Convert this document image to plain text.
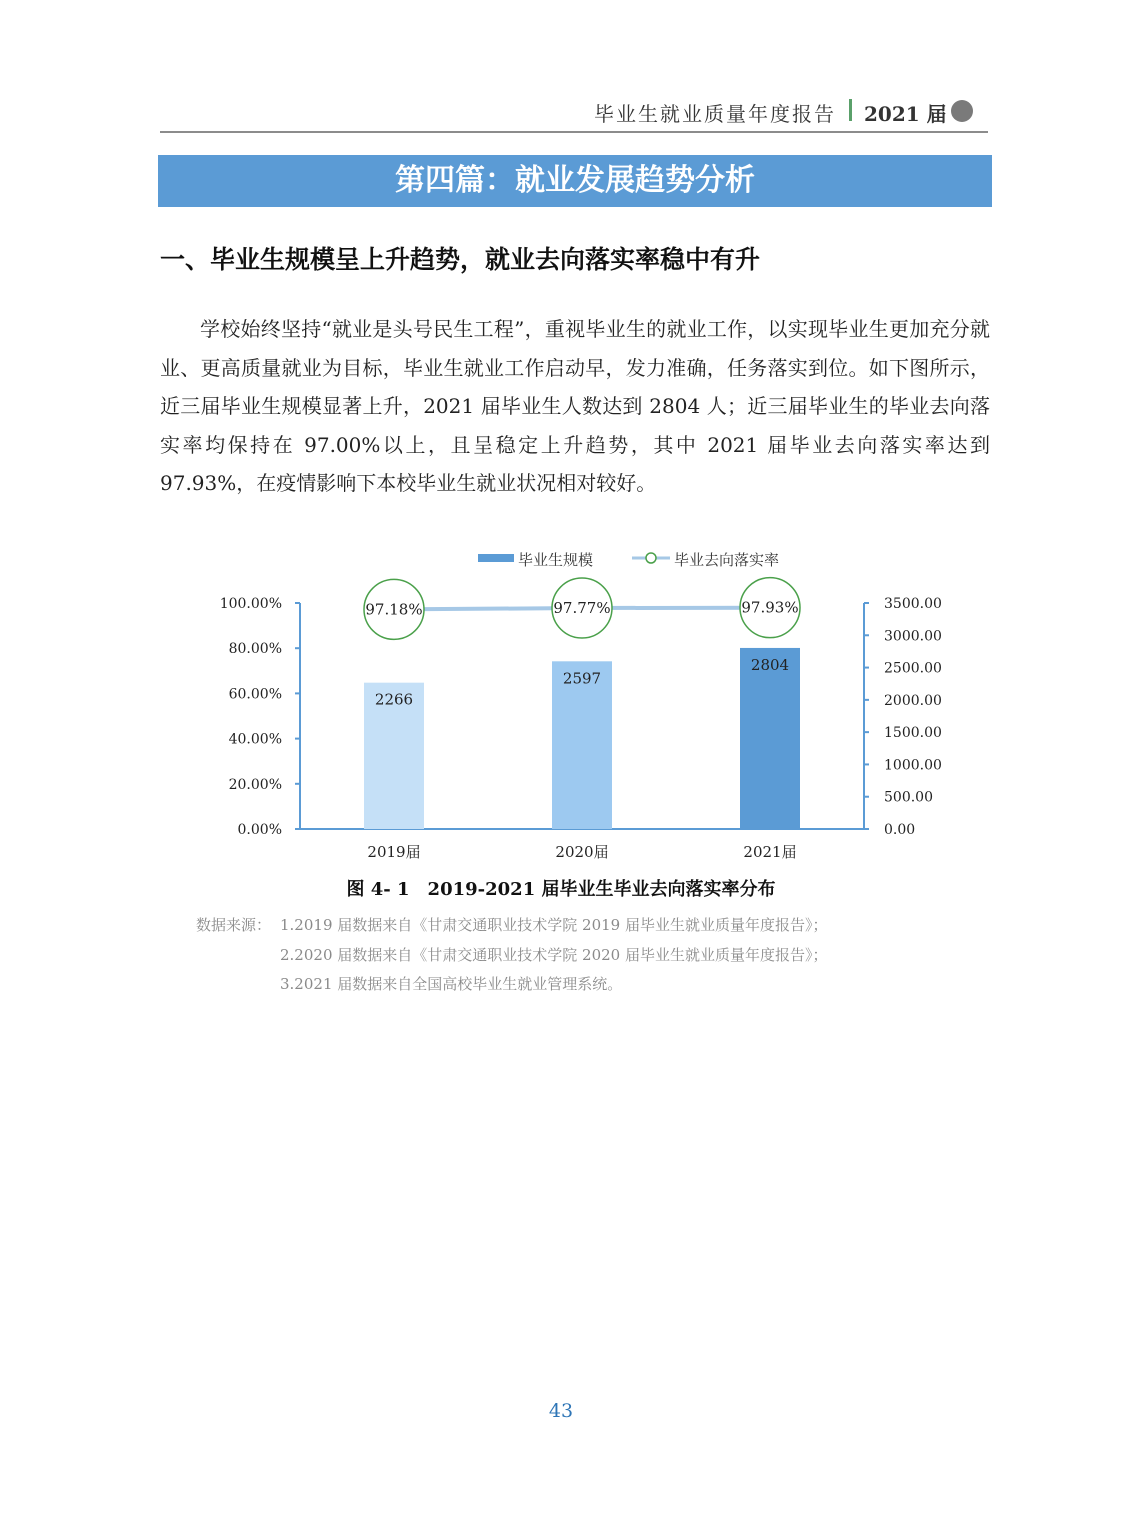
毕业生就业质量年度报告 2021 届
第四篇：就业发展趋势分析
一、毕业生规模呈上升趋势，就业去向落实率稳中有升
学校始终坚持“就业是头号民生工程”，重视毕业生的就业工作，以实现毕业生更加充分就业、更高质量就业为目标，毕业生就业工作启动早，发力准确，任务落实到位。如下图所示，近三届毕业生规模显著上升，2021 届毕业生人数达到 2804 人；近三届毕业生的毕业去向落实率均保持在 97.00%以上，且呈稳定上升趋势，其中 2021 届毕业去向落实率达到 97.93%，在疫情影响下本校毕业生就业状况相对较好。
毕业生规模	毕业去向落实率
0.00%
20.00%
40.00%
60.00%
80.00%
100.00%
0.00
500.00
1000.00
1500.00
2000.00
2500.00
3000.00
3500.00
2266
2019届
2597
2020届
2804
2021届
97.18%	97.77%	97.93%
图 4- 1　2019-2021 届毕业生毕业去向落实率分布
数据来源： 1.2019 届数据来自《甘肃交通职业技术学院 2019 届毕业生就业质量年度报告》；
2.2020 届数据来自《甘肃交通职业技术学院 2020 届毕业生就业质量年度报告》；
3.2021 届数据来自全国高校毕业生就业管理系统。
43
